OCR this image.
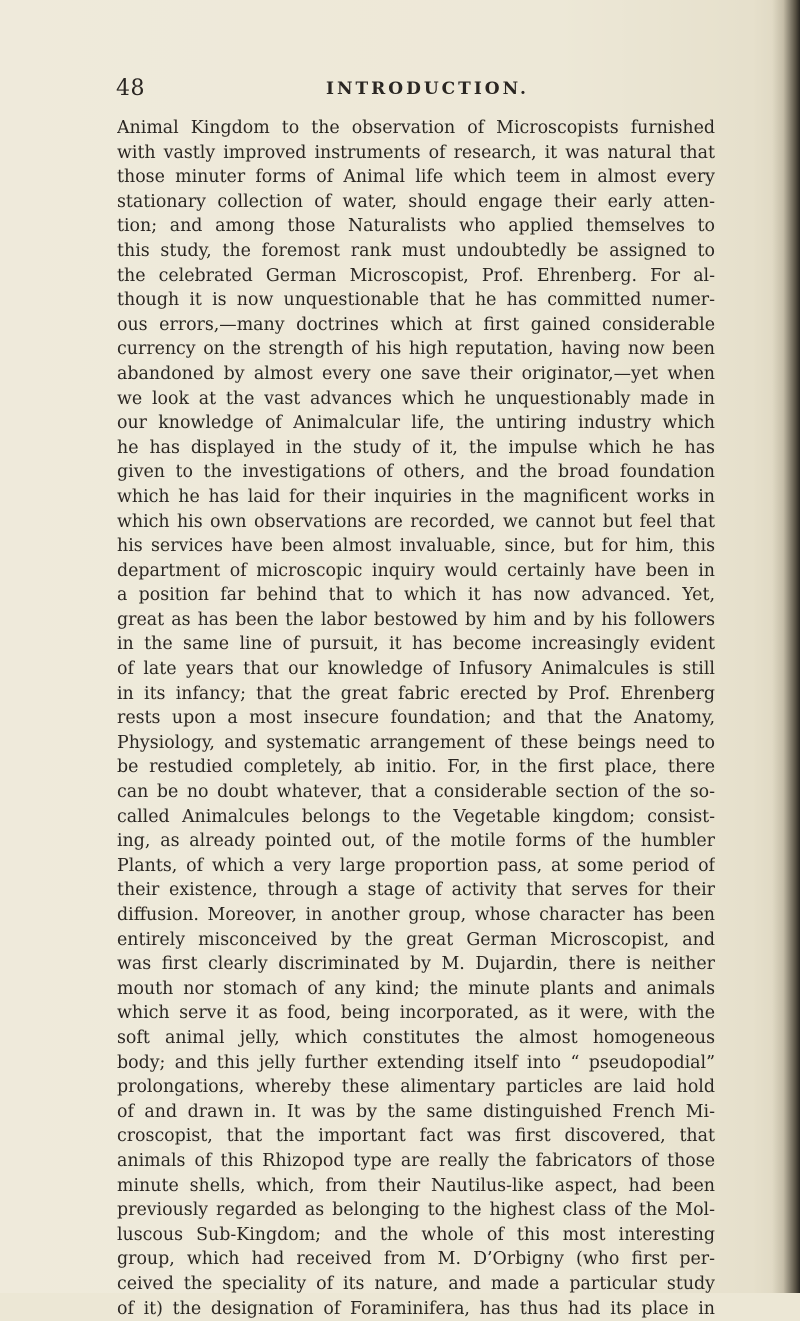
48	INTRODUCTION.
Animal Kingdom to the observation of Microscopists furnished
with vastly improved instruments of research, it was natural that
those minuter forms of Animal life which teem in almost every
stationary collection of water, should engage their early atten-
tion; and among those Naturalists who applied themselves to
this study, the foremost rank must undoubtedly be assigned to
the celebrated German Microscopist, Prof. Ehrenberg. For al-
though it is now unquestionable that he has committed numer-
ous errors,—many doctrines which at first gained considerable
currency on the strength of his high reputation, having now been
abandoned by almost every one save their originator,—yet when
we look at the vast advances which he unquestionably made in
our knowledge of Animalcular life, the untiring industry which
he has displayed in the study of it, the impulse which he has
given to the investigations of others, and the broad foundation
which he has laid for their inquiries in the magnificent works in
which his own observations are recorded, we cannot but feel that
his services have been almost invaluable, since, but for him, this
department of microscopic inquiry would certainly have been in
a position far behind that to which it has now advanced. Yet,
great as has been the labor bestowed by him and by his followers
in the same line of pursuit, it has become increasingly evident
of late years that our knowledge of Infusory Animalcules is still
in its infancy; that the great fabric erected by Prof. Ehrenberg
rests upon a most insecure foundation; and that the Anatomy,
Physiology, and systematic arrangement of these beings need to
be restudied completely, ab initio. For, in the first place, there
can be no doubt whatever, that a considerable section of the so-
called Animalcules belongs to the Vegetable kingdom; consist-
ing, as already pointed out, of the motile forms of the humbler
Plants, of which a very large proportion pass, at some period of
their existence, through a stage of activity that serves for their
diffusion. Moreover, in another group, whose character has been
entirely misconceived by the great German Microscopist, and
was first clearly discriminated by M. Dujardin, there is neither
mouth nor stomach of any kind; the minute plants and animals
which serve it as food, being incorporated, as it were, with the
soft animal jelly, which constitutes the almost homogeneous
body; and this jelly further extending itself into “ pseudopodial”
prolongations, whereby these alimentary particles are laid hold
of and drawn in. It was by the same distinguished French Mi-
croscopist, that the important fact was first discovered, that
animals of this Rhizopod type are really the fabricators of those
minute shells, which, from their Nautilus-like aspect, had been
previously regarded as belonging to the highest class of the Mol-
luscous Sub-Kingdom; and the whole of this most interesting
group, which had received from M. D’Orbigny (who first per-
ceived the speciality of its nature, and made a particular study
of it) the designation of Foraminifera, has thus had its place in
